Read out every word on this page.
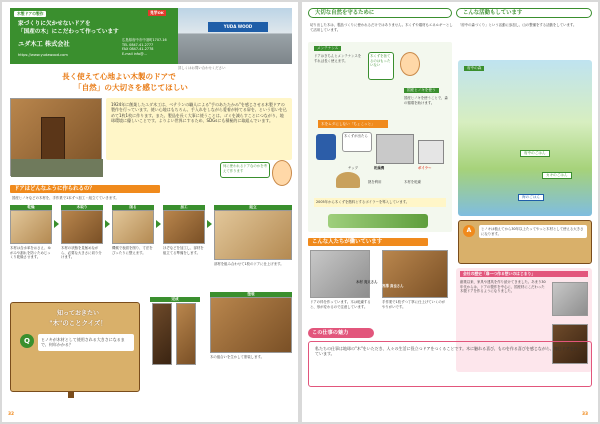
木製ドアの製作
家づくりに欠かせないドアを
「国産の木」にこだわって作っています
ユダ木工 株式会社
https://www.yudawood.com
広島県府中市中須町1707-16
TEL 0847-41-2777
FAX 0847-41-2778
E-mail info@…
見学OK
YUDA WOOD
詳しくはお問い合わせください
長く使えて心地よい木製のドアで
「自然」の大切さを感じてほしい
1924年に創業したユダ木工は、ベテランの職人による"手のあたたかみ"を感じさせる木製ドアの製作を行っています。使い心地はもちろん、手入れをしながら愛着が持てる扉を、という思いを込めて1枚1枚に作ります。また、製品を長く大事に使うことは、ゴミを減らすことにつながり、地球環境に優しいことです。よりよい世界にするため、SDGsにも積極的に取組んでいます。
何に使われるドアなのかを考えて作ります
ドアはどんなふうに作られるの？
国産ヒノキなどの木材を、手作業で1本ずつ加工・組立てていきます。
乾燥
木材は含水率をおさえ、ゆがみや割れを防ぐためじっくり乾燥させます。
木取り
木材の状態を見極めながら、必要な大きさに切り分けます。
削る
機械で表面を削り、寸法をぴったりに整えます。
加工
ほぞなどを加工し、部材を組立てる準備をします。
組立
部材を組み合わせて1枚のドアに仕上げます。
完成
塗装
木の風合いを生かして塗装します。
知っておきたい
"木"のことクイズ！
Q	ヒノキが木材として使用される大きさになるまで、何年かかる？
32
大切な自然を守るために
切り出した木は、製品づくりに使われるだけではありません。木くずや端材もエネルギーとして活用しています。
メンテナンス
ドアはきちんとメンテナンスをすれば長く使えます。
木くずを捨てるのはもったいない
国産ヒノキを使う
国産ヒノキを使うことで、森の循環を助けます。
木をムダにしない「ちょこっと」
木くずが出たら
ボイラー
乾燥機
チップ
熱を利用	木材を乾燥
2005年から木くずを燃料とするボイラーを導入しています。
こんな活動もしています
「府中の森づくり」という活動に参加し、山の整備をする活動をしています。
府中の森
府中のごはん
カキのごはん
海のごはん
A	ヒノキは植えてから30年以上たってやっと木材として使える大きさになります。
こんな人たちが働いています
木村 亮太さん
ドアの枠を作っています。木は乾燥すると、形が変わるので注意しています。
宮澤 真也さん
手作業で1枚ずつ丁寧に仕上げていくのがやりがいです。
会社の歴史「扉一つ作る想いのはじまり」
創業以来、家具や建具を作り続けてきました。あまり30年代からは、ドアの製作を中心に、国産材にこだわった木製ドアを作るようになりました。
この仕事の魅力
私たちの仕事は地球の"木"をいただき、人々の生活に役立つドアをつくることです。木に触れる喜び、ものを作る喜びを感じながら、毎日ドアを作っています。
33
